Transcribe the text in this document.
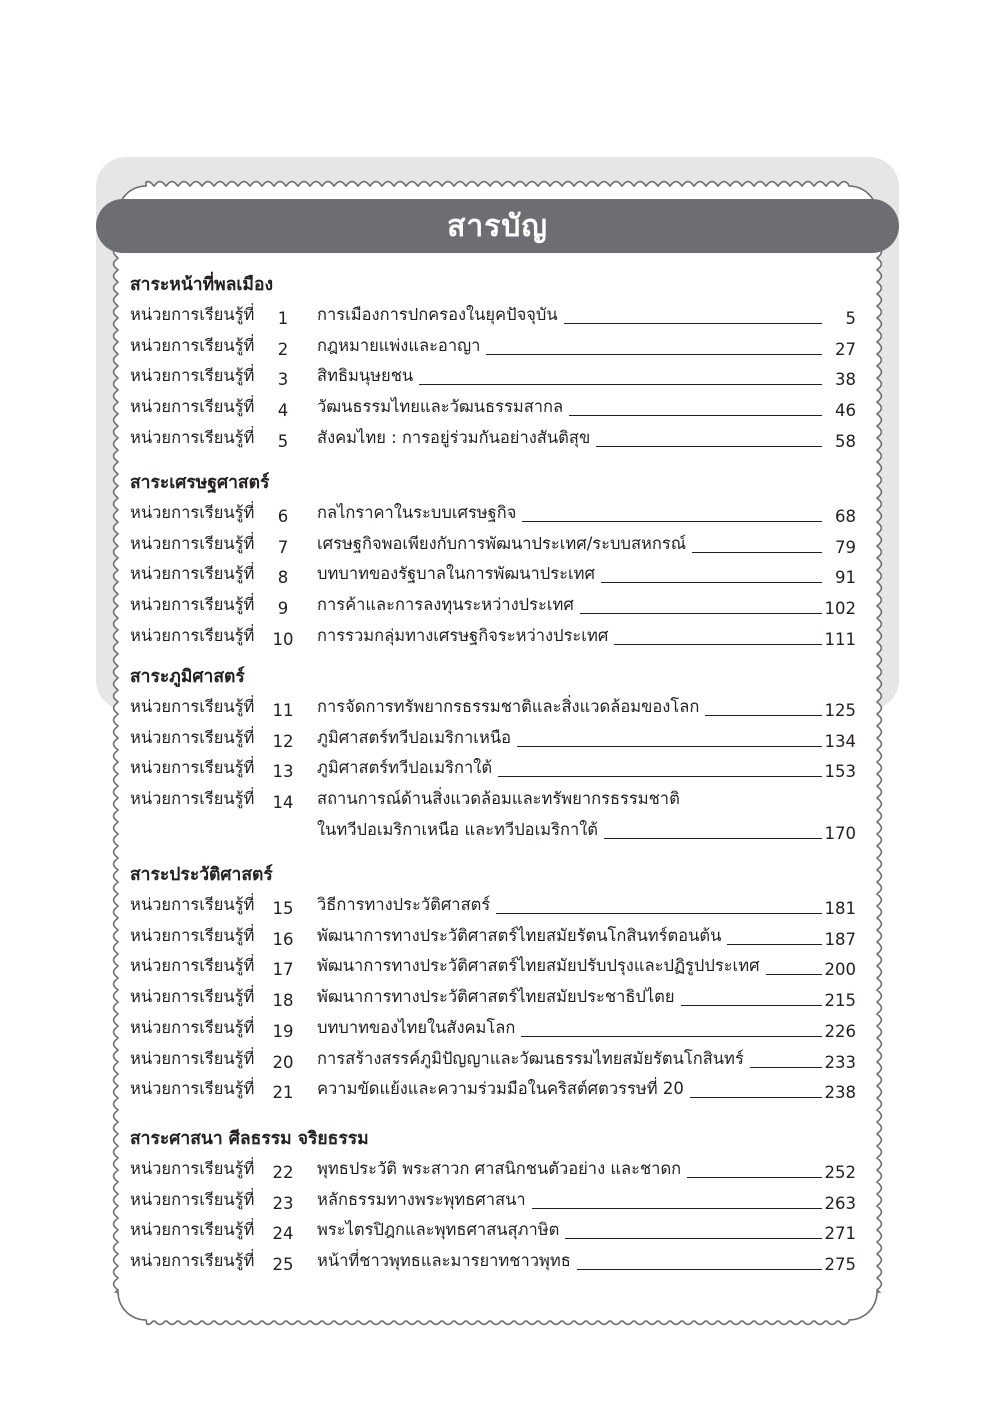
สารบัญ
สาระหน้าที่พลเมือง
หน่วยการเรียนรู้ที่	1	การเมืองการปกครองในยุคปัจจุบัน	5
หน่วยการเรียนรู้ที่	2	กฎหมายแพ่งและอาญา	27
หน่วยการเรียนรู้ที่	3	สิทธิมนุษยชน	38
หน่วยการเรียนรู้ที่	4	วัฒนธรรมไทยและวัฒนธรรมสากล	46
หน่วยการเรียนรู้ที่	5	สังคมไทย : การอยู่ร่วมกันอย่างสันติสุข	58
สาระเศรษฐศาสตร์
หน่วยการเรียนรู้ที่	6	กลไกราคาในระบบเศรษฐกิจ	68
หน่วยการเรียนรู้ที่	7	เศรษฐกิจพอเพียงกับการพัฒนาประเทศ/ระบบสหกรณ์	79
หน่วยการเรียนรู้ที่	8	บทบาทของรัฐบาลในการพัฒนาประเทศ	91
หน่วยการเรียนรู้ที่	9	การค้าและการลงทุนระหว่างประเทศ	102
หน่วยการเรียนรู้ที่	10	การรวมกลุ่มทางเศรษฐกิจระหว่างประเทศ	111
สาระภูมิศาสตร์
หน่วยการเรียนรู้ที่	11	การจัดการทรัพยากรธรรมชาติและสิ่งแวดล้อมของโลก	125
หน่วยการเรียนรู้ที่	12	ภูมิศาสตร์ทวีปอเมริกาเหนือ	134
หน่วยการเรียนรู้ที่	13	ภูมิศาสตร์ทวีปอเมริกาใต้	153
หน่วยการเรียนรู้ที่	14	สถานการณ์ด้านสิ่งแวดล้อมและทรัพยากรธรรมชาติ
ในทวีปอเมริกาเหนือ และทวีปอเมริกาใต้	170
สาระประวัติศาสตร์
หน่วยการเรียนรู้ที่	15	วิธีการทางประวัติศาสตร์	181
หน่วยการเรียนรู้ที่	16	พัฒนาการทางประวัติศาสตร์ไทยสมัยรัตนโกสินทร์ตอนต้น	187
หน่วยการเรียนรู้ที่	17	พัฒนาการทางประวัติศาสตร์ไทยสมัยปรับปรุงและปฏิรูปประเทศ	200
หน่วยการเรียนรู้ที่	18	พัฒนาการทางประวัติศาสตร์ไทยสมัยประชาธิปไตย	215
หน่วยการเรียนรู้ที่	19	บทบาทของไทยในสังคมโลก	226
หน่วยการเรียนรู้ที่	20	การสร้างสรรค์ภูมิปัญญาและวัฒนธรรมไทยสมัยรัตนโกสินทร์	233
หน่วยการเรียนรู้ที่	21	ความขัดแย้งและความร่วมมือในคริสต์ศตวรรษที่ 20	238
สาระศาสนา ศีลธรรม จริยธรรม
หน่วยการเรียนรู้ที่	22	พุทธประวัติ พระสาวก ศาสนิกชนตัวอย่าง และชาดก	252
หน่วยการเรียนรู้ที่	23	หลักธรรมทางพระพุทธศาสนา	263
หน่วยการเรียนรู้ที่	24	พระไตรปิฎกและพุทธศาสนสุภาษิต	271
หน่วยการเรียนรู้ที่	25	หน้าที่ชาวพุทธและมารยาทชาวพุทธ	275
